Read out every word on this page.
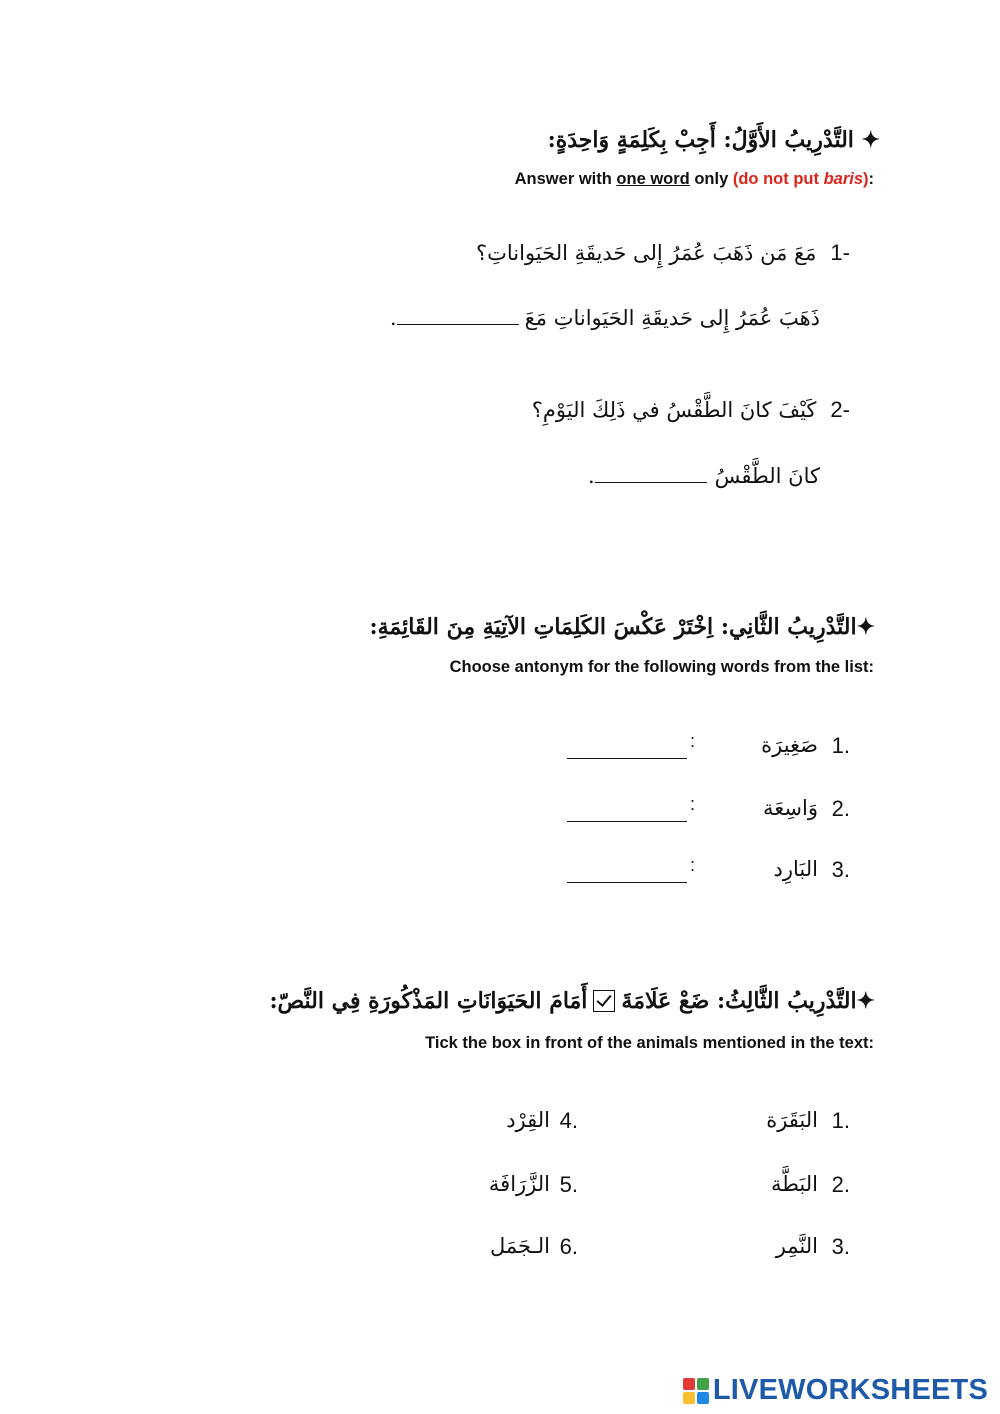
✦ التَّدْرِيبُ الأَوَّلُ: أَجِبْ بِكَلِمَةٍ وَاحِدَةٍ:
Answer with one word only (do not put baris):
-1
مَعَ مَن ذَهَبَ عُمَرُ إِلى حَديقَةِ الحَيَواناتِ؟
ذَهَبَ عُمَرُ إِلى حَديقَةِ الحَيَواناتِ مَعَ
.
-2
كَيْفَ كانَ الطَّقْسُ في ذَلِكَ اليَوْمِ؟
كانَ الطَّقْسُ
.
✦التَّدْرِيبُ الثَّانِي: اِخْتَرْ عَكْسَ الكَلِمَاتِ الآتِيَةِ مِنَ القَائِمَةِ:
Choose antonym for the following words from the list:
1.
صَغِيرَة
:
2.
وَاسِعَة
:
3.
البَارِد
:
✦التَّدْرِيبُ الثَّالِثُ: ضَعْ عَلَامَةَ
أَمَامَ الحَيَوَانَاتِ المَذْكُورَةِ فِي النَّصّ:
Tick the box in front of the animals mentioned in the text:
1.
البَقَرَة
2.
البَطَّة
3.
النَّمِر
4.
القِرْد
5.
الزَّرَافَة
6.
الـجَمَل
LIVEWORKSHEETS
